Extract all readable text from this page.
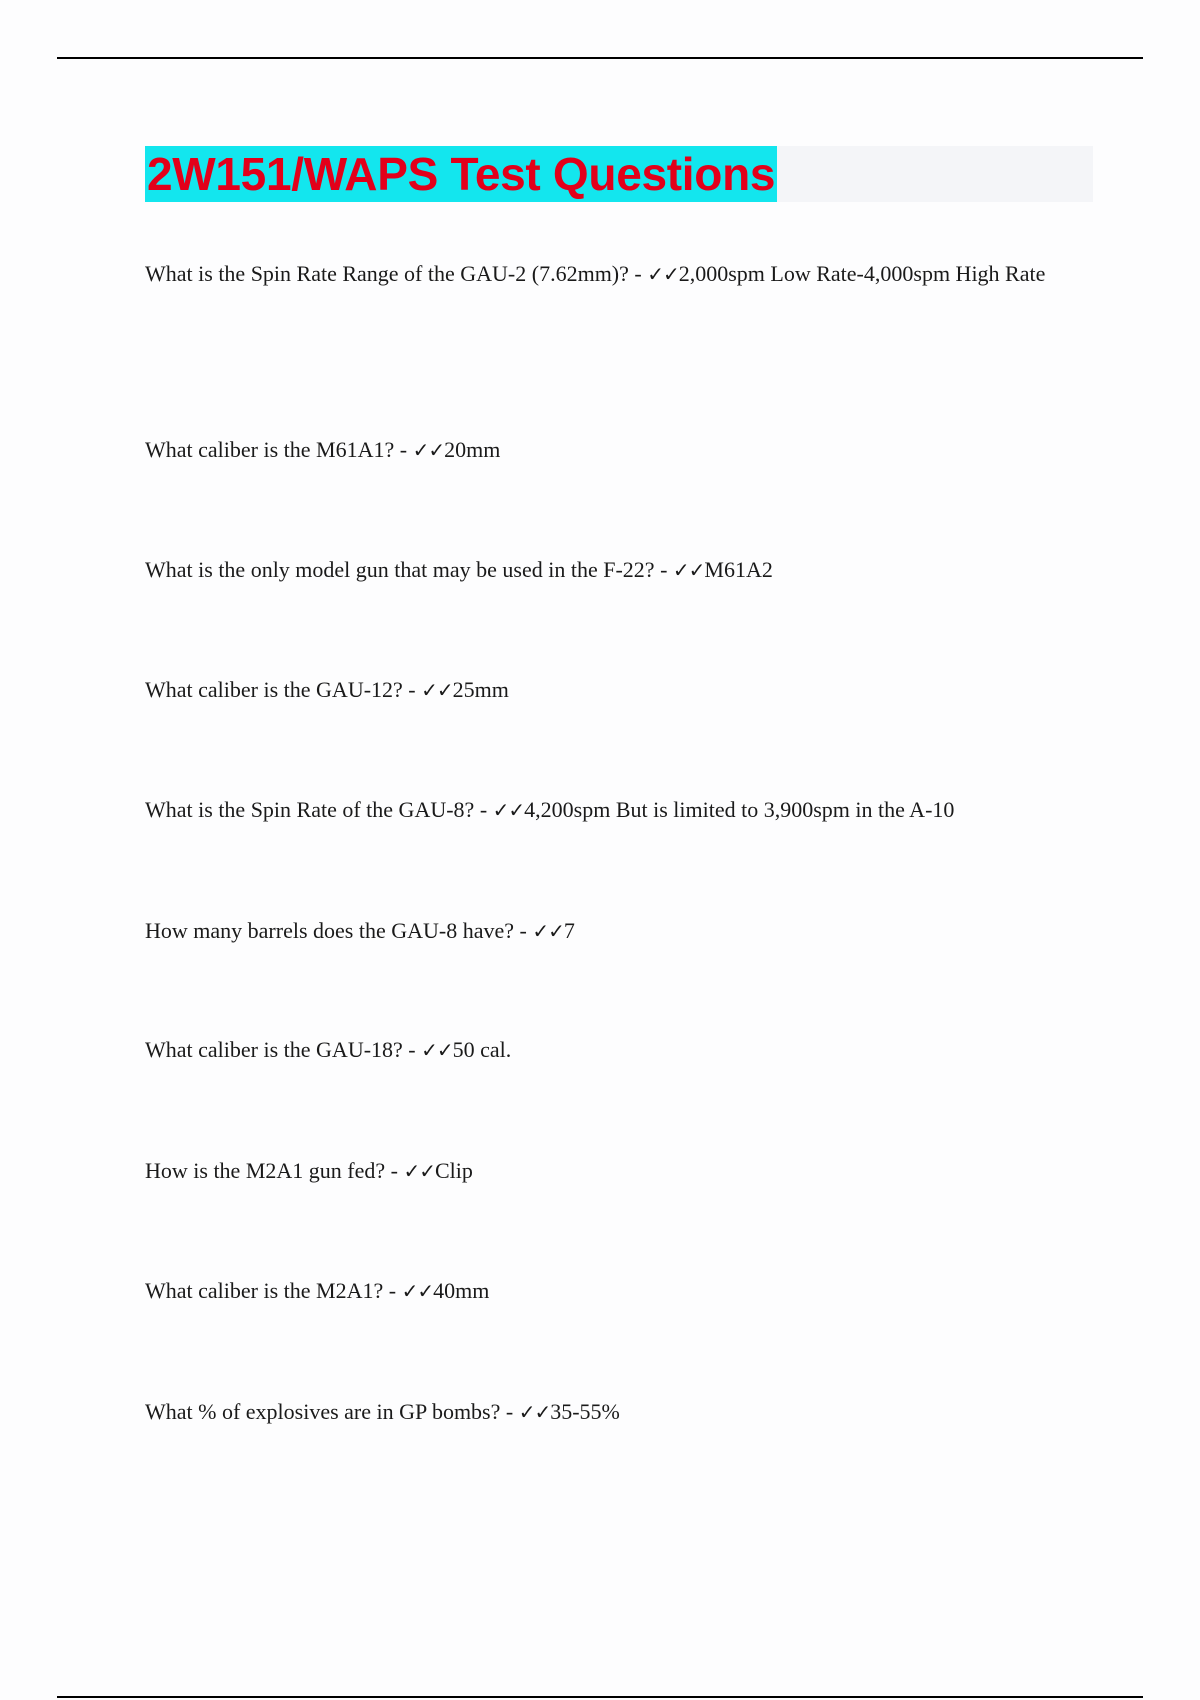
2W151/WAPS Test Questions
What is the Spin Rate Range of the GAU-2 (7.62mm)? - ✓✓2,000spm Low Rate-4,000spm High Rate
What caliber is the M61A1? - ✓✓20mm
What is the only model gun that may be used in the F-22? - ✓✓M61A2
What caliber is the GAU-12? - ✓✓25mm
What is the Spin Rate of the GAU-8? - ✓✓4,200spm But is limited to 3,900spm in the A-10
How many barrels does the GAU-8 have? - ✓✓7
What caliber is the GAU-18? - ✓✓50 cal.
How is the M2A1 gun fed? - ✓✓Clip
What caliber is the M2A1? - ✓✓40mm
What % of explosives are in GP bombs? - ✓✓35-55%
